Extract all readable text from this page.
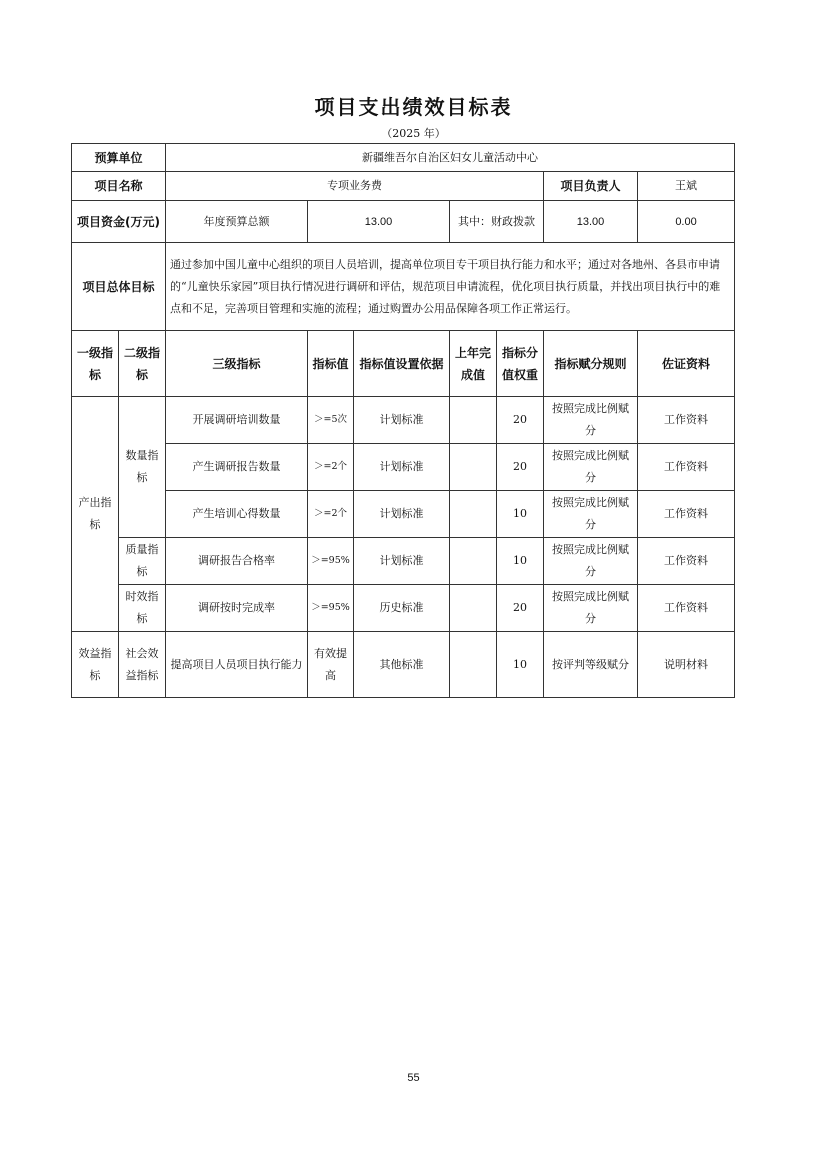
项目支出绩效目标表
（2025 年）
预算单位		新疆维吾尔自治区妇女儿童活动中心						
项目名称		专项业务费					项目负责人	王斌
项目资金(万元)		年度预算总额	13.00		其中：财政拨款		13.00	0.00
项目总体目标		通过参加中国儿童中心组织的项目人员培训，提高单位项目专干项目执行能力和水平；通过对各地州、各县市申请的“儿童快乐家园”项目执行情况进行调研和评估，规范项目申请流程，优化项目执行质量，并找出项目执行中的难点和不足，完善项目管理和实施的流程；通过购置办公用品保障各项工作正常运行。						
一级指标	二级指标	三级指标	指标值	指标值设置依据	上年完成值	指标分值权重	指标赋分规则	佐证资料
产出指标	数量指标	开展调研培训数量	＞=5次	计划标准		20	按照完成比例赋分	工作资料
		产生调研报告数量	＞=2个	计划标准		20	按照完成比例赋分	工作资料
		产生培训心得数量	＞=2个	计划标准		10	按照完成比例赋分	工作资料
	质量指标	调研报告合格率	＞=95%	计划标准		10	按照完成比例赋分	工作资料
	时效指标	调研按时完成率	＞=95%	历史标准		20	按照完成比例赋分	工作资料
效益指标	社会效益指标	提高项目人员项目执行能力	有效提高	其他标准		10	按评判等级赋分	说明材料
55
